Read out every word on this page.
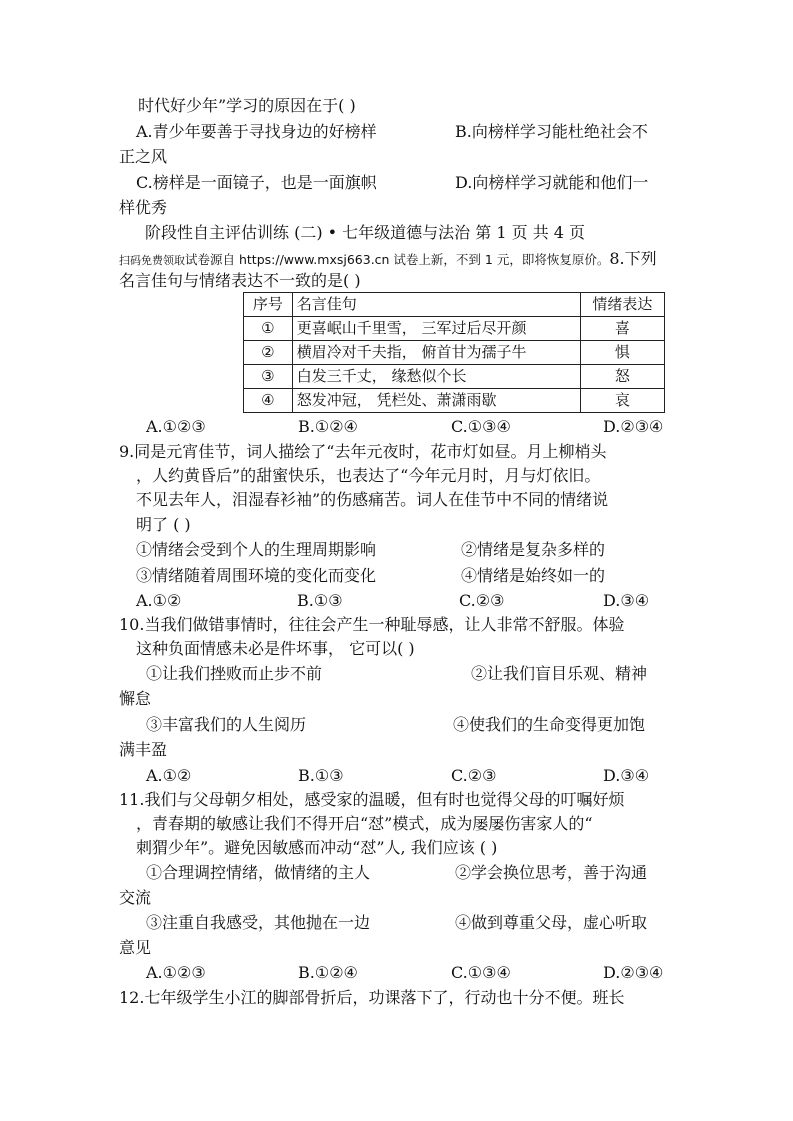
时代好少年”学习的原因在于( )
A.青少年要善于寻找身边的好榜样	B.向榜样学习能杜绝社会不
正之风
C.榜样是一面镜子，也是一面旗帜	D.向榜样学习就能和他们一
样优秀
阶段性自主评估训练 (二) • 七年级道德与法治 第 1 页 共 4 页
扫码免费领取试卷源自 https://www.mxsj663.cn 试卷上新，不到 1 元，即将恢复原价。8.下列
名言佳句与情绪表达不一致的是( )
序号	名言佳句	情绪表达
①	更喜岷山千里雪， 三军过后尽开颜	喜
②	横眉冷对千夫指， 俯首甘为孺子牛	惧
③	白发三千丈， 缘愁似个长	怒
④	怒发冲冠， 凭栏处、萧潇雨歇	哀
A.①②③	B.①②④	C.①③④	D.②③④
9.同是元宵佳节，词人描绘了“去年元夜时，花市灯如昼。月上柳梢头
，人约黄昏后”的甜蜜快乐，也表达了“今年元月时，月与灯依旧。
不见去年人，泪湿春衫袖”的伤感痛苦。词人在佳节中不同的情绪说
明了 ( )
①情绪会受到个人的生理周期影响	②情绪是复杂多样的
③情绪随着周围环境的变化而变化	④情绪是始终如一的
A.①②	B.①③	C.②③	D.③④
10.当我们做错事情时，往往会产生一种耻辱感，让人非常不舒服。体验
这种负面情感未必是件坏事， 它可以( )
①让我们挫败而止步不前	②让我们盲目乐观、精神
懈怠
③丰富我们的人生阅历	④使我们的生命变得更加饱
满丰盈
A.①②	B.①③	C.②③	D.③④
11.我们与父母朝夕相处，感受家的温暖，但有时也觉得父母的叮嘱好烦
，青春期的敏感让我们不得开启“怼”模式，成为屡屡伤害家人的“
刺猬少年”。避免因敏感而冲动“怼”人, 我们应该 ( )
①合理调控情绪，做情绪的主人	②学会换位思考，善于沟通
交流
③注重自我感受，其他抛在一边	④做到尊重父母，虚心听取
意见
A.①②③	B.①②④	C.①③④	D.②③④
12.七年级学生小江的脚部骨折后，功课落下了，行动也十分不便。班长
